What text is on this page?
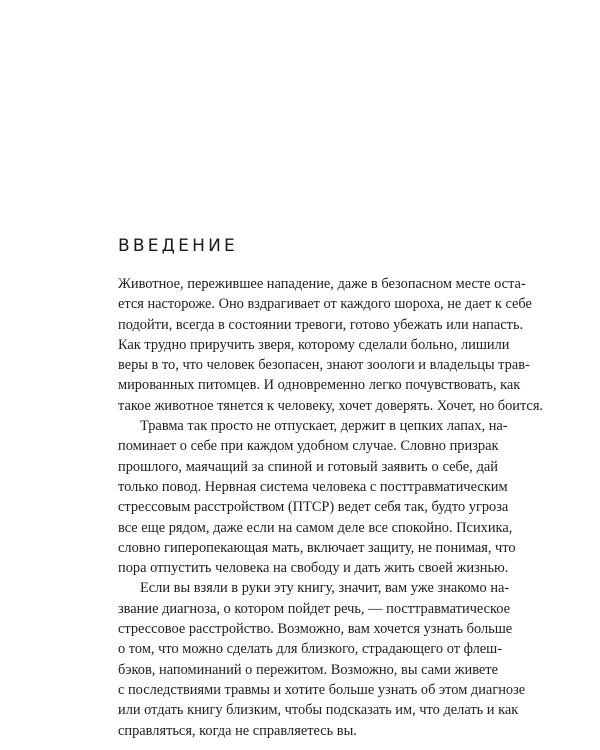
ВВЕДЕНИЕ
Животное, пережившее нападение, даже в безопасном месте оста-
ется настороже. Оно вздрагивает от каждого шороха, не дает к себе
подойти, всегда в состоянии тревоги, готово убежать или напасть.
Как трудно приручить зверя, которому сделали больно, лишили
веры в то, что человек безопасен, знают зоологи и владельцы трав-
мированных питомцев. И одновременно легко почувствовать, как
такое животное тянется к человеку, хочет доверять. Хочет, но боится.
Травма так просто не отпускает, держит в цепких лапах, на-
поминает о себе при каждом удобном случае. Словно призрак
прошлого, маячащий за спиной и готовый заявить о себе, дай
только повод. Нервная система человека с посттравматическим
стрессовым расстройством (ПТСР) ведет себя так, будто угроза
все еще рядом, даже если на самом деле все спокойно. Психика,
словно гиперопекающая мать, включает защиту, не понимая, что
пора отпустить человека на свободу и дать жить своей жизнью.
Если вы взяли в руки эту книгу, значит, вам уже знакомо на-
звание диагноза, о котором пойдет речь, — посттравматическое
стрессовое расстройство. Возможно, вам хочется узнать больше
о том, что можно сделать для близкого, страдающего от флеш-
бэков, напоминаний о пережитом. Возможно, вы сами живете
с последствиями травмы и хотите больше узнать об этом диагнозе
или отдать книгу близким, чтобы подсказать им, что делать и как
справляться, когда не справляетесь вы.
